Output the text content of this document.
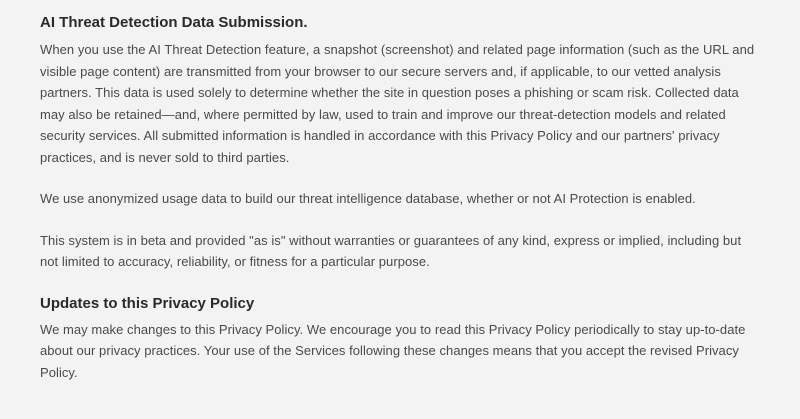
AI Threat Detection Data Submission.

When you use the AI Threat Detection feature, a snapshot (screenshot) and related page information (such as the URL and visible page content) are transmitted from your browser to our secure servers and, if applicable, to our vetted analysis partners. This data is used solely to determine whether the site in question poses a phishing or scam risk. Collected data may also be retained—and, where permitted by law, used to train and improve our threat-detection models and related security services. All submitted information is handled in accordance with this Privacy Policy and our partners' privacy practices, and is never sold to third parties.

We use anonymized usage data to build our threat intelligence database, whether or not AI Protection is enabled.

This system is in beta and provided "as is" without warranties or guarantees of any kind, express or implied, including but not limited to accuracy, reliability, or fitness for a particular purpose.

Updates to this Privacy Policy

We may make changes to this Privacy Policy. We encourage you to read this Privacy Policy periodically to stay up-to-date about our privacy practices. Your use of the Services following these changes means that you accept the revised Privacy Policy.
